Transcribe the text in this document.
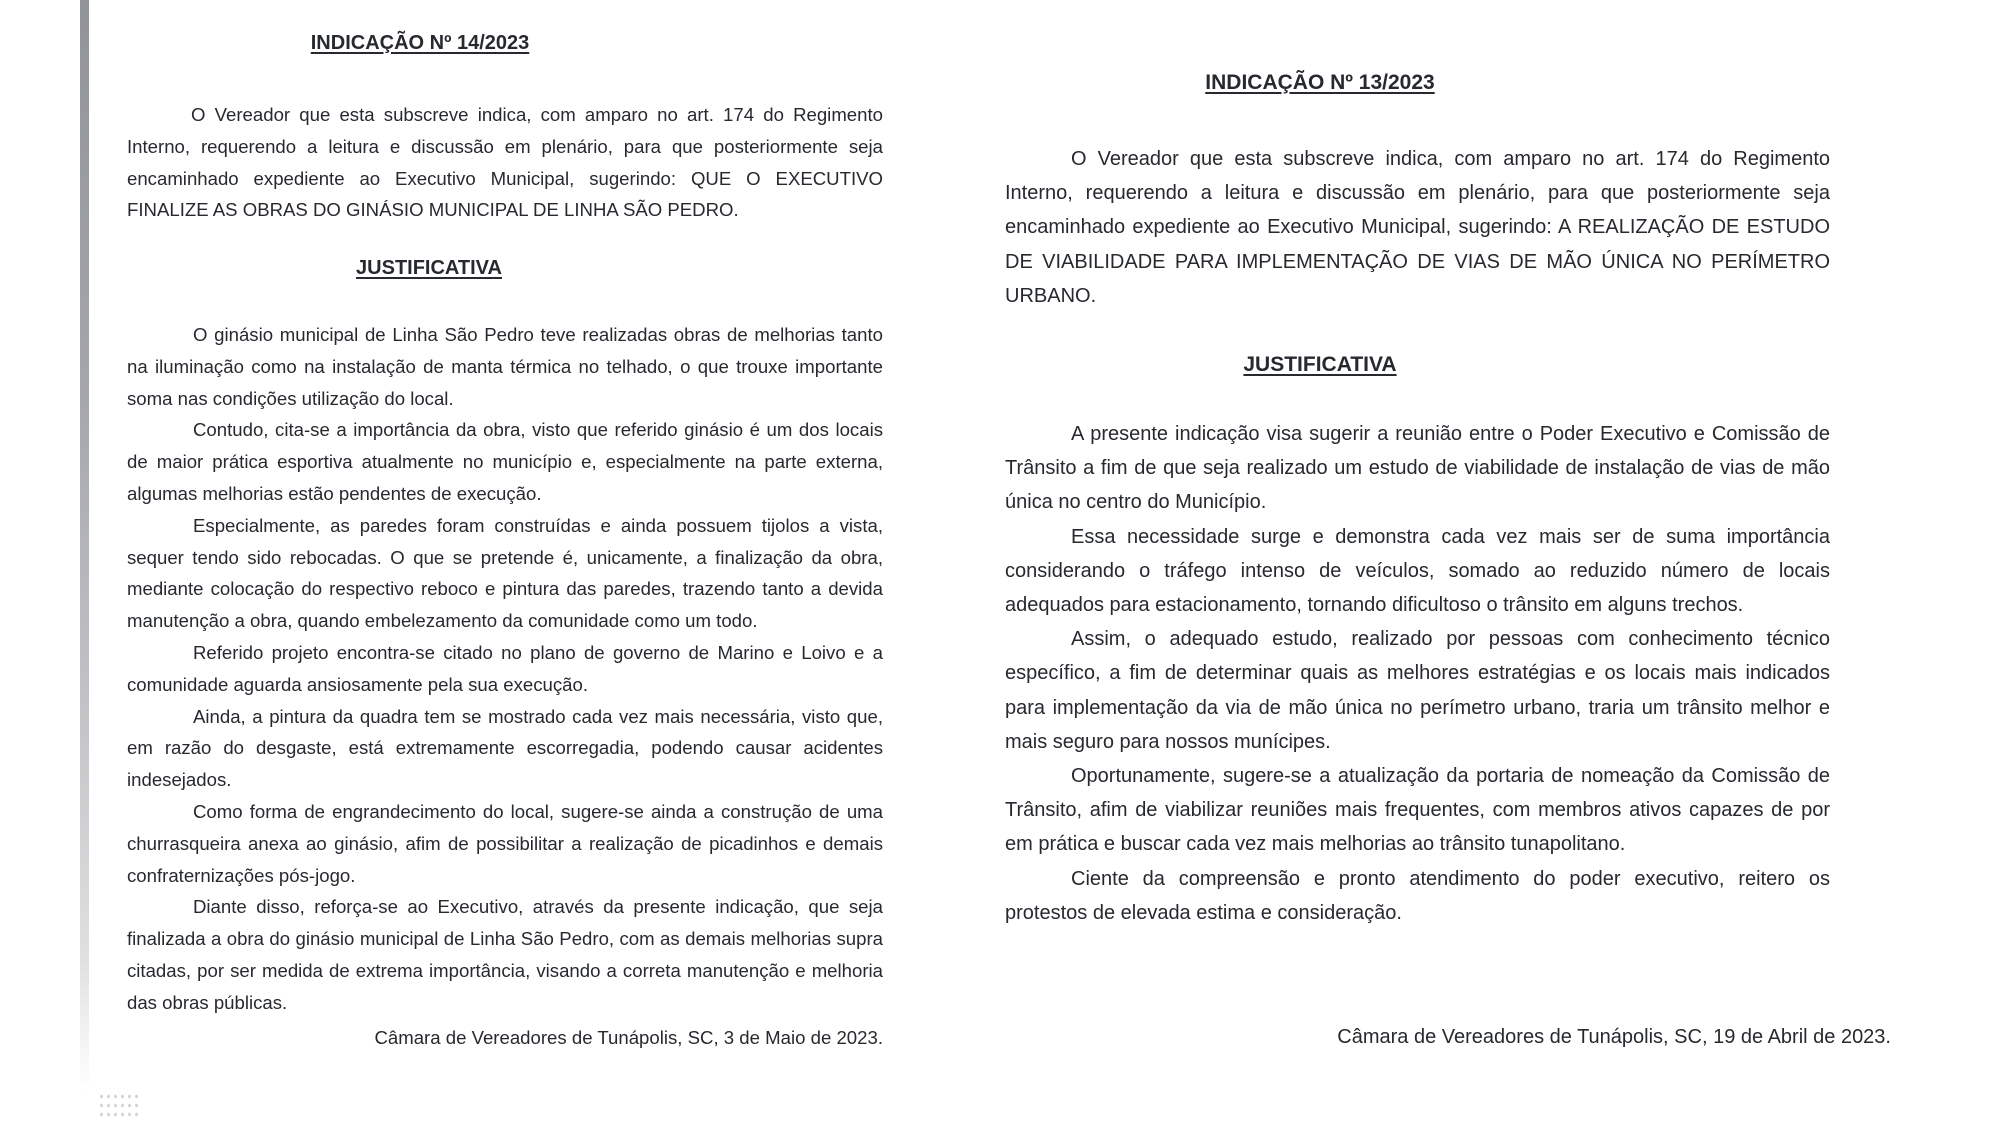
INDICAÇÃO Nº 14/2023

O Vereador que esta subscreve indica, com amparo no art. 174 do Regimento Interno, requerendo a leitura e discussão em plenário, para que posteriormente seja encaminhado expediente ao Executivo Municipal, sugerindo: QUE O EXECUTIVO FINALIZE AS OBRAS DO GINÁSIO MUNICIPAL DE LINHA SÃO PEDRO.

JUSTIFICATIVA

O ginásio municipal de Linha São Pedro teve realizadas obras de melhorias tanto na iluminação como na instalação de manta térmica no telhado, o que trouxe importante soma nas condições utilização do local.

Contudo, cita-se a importância da obra, visto que referido ginásio é um dos locais de maior prática esportiva atualmente no município e, especialmente na parte externa, algumas melhorias estão pendentes de execução.

Especialmente, as paredes foram construídas e ainda possuem tijolos a vista, sequer tendo sido rebocadas. O que se pretende é, unicamente, a finalização da obra, mediante colocação do respectivo reboco e pintura das paredes, trazendo tanto a devida manutenção a obra, quando embelezamento da comunidade como um todo.

Referido projeto encontra-se citado no plano de governo de Marino e Loivo e a comunidade aguarda ansiosamente pela sua execução.

Ainda, a pintura da quadra tem se mostrado cada vez mais necessária, visto que, em razão do desgaste, está extremamente escorregadia, podendo causar acidentes indesejados.

Como forma de engrandecimento do local, sugere-se ainda a construção de uma churrasqueira anexa ao ginásio, afim de possibilitar a realização de picadinhos e demais confraternizações pós-jogo.

Diante disso, reforça-se ao Executivo, através da presente indicação, que seja finalizada a obra do ginásio municipal de Linha São Pedro, com as demais melhorias supra citadas, por ser medida de extrema importância, visando a correta manutenção e melhoria das obras públicas.

Câmara de Vereadores de Tunápolis, SC, 3 de Maio de 2023.

INDICAÇÃO Nº 13/2023

O Vereador que esta subscreve indica, com amparo no art. 174 do Regimento Interno, requerendo a leitura e discussão em plenário, para que posteriormente seja encaminhado expediente ao Executivo Municipal, sugerindo: A REALIZAÇÃO DE ESTUDO DE VIABILIDADE PARA IMPLEMENTAÇÃO DE VIAS DE MÃO ÚNICA NO PERÍMETRO URBANO.

JUSTIFICATIVA

A presente indicação visa sugerir a reunião entre o Poder Executivo e Comissão de Trânsito a fim de que seja realizado um estudo de viabilidade de instalação de vias de mão única no centro do Município.

Essa necessidade surge e demonstra cada vez mais ser de suma importância considerando o tráfego intenso de veículos, somado ao reduzido número de locais adequados para estacionamento, tornando dificultoso o trânsito em alguns trechos.

Assim, o adequado estudo, realizado por pessoas com conhecimento técnico específico, a fim de determinar quais as melhores estratégias e os locais mais indicados para implementação da via de mão única no perímetro urbano, traria um trânsito melhor e mais seguro para nossos munícipes.

Oportunamente, sugere-se a atualização da portaria de nomeação da Comissão de Trânsito, afim de viabilizar reuniões mais frequentes, com membros ativos capazes de por em prática e buscar cada vez mais melhorias ao trânsito tunapolitano.

Ciente da compreensão e pronto atendimento do poder executivo, reitero os protestos de elevada estima e consideração.

Câmara de Vereadores de Tunápolis, SC, 19 de Abril de 2023.
